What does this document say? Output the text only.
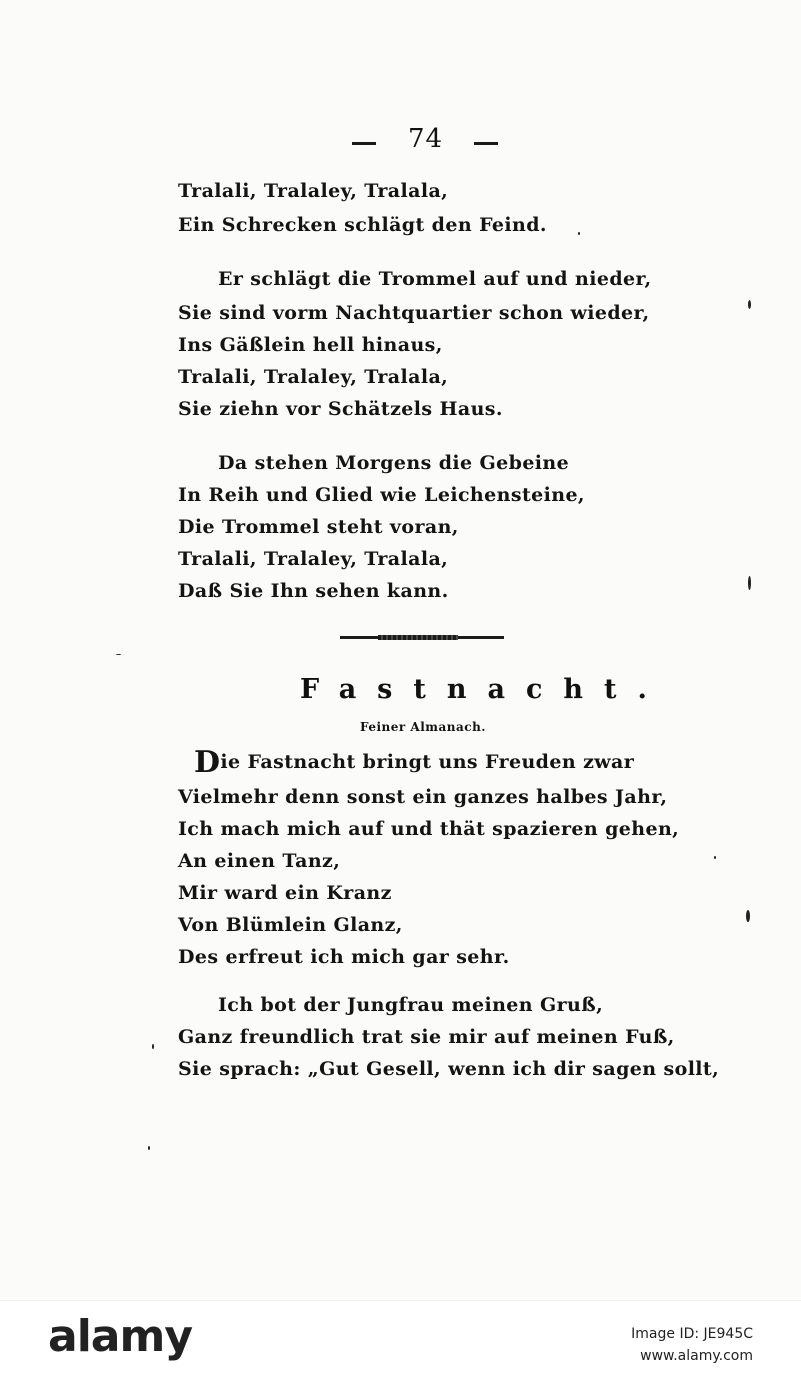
74
Tralali, Tralaley, Tralala,
Ein Schrecken schlägt den Feind.
Er schlägt die Trommel auf und nieder,
Sie sind vorm Nachtquartier schon wieder,
Ins Gäßlein hell hinaus,
Tralali, Tralaley, Tralala,
Sie ziehn vor Schätzels Haus.
Da stehen Morgens die Gebeine
In Reih und Glied wie Leichensteine,
Die Trommel steht voran,
Tralali, Tralaley, Tralala,
Daß Sie Ihn sehen kann.
Fastnacht.
Feiner Almanach.
Die Fastnacht bringt uns Freuden zwar
Vielmehr denn sonst ein ganzes halbes Jahr,
Ich mach mich auf und thät spazieren gehen,
An einen Tanz,
Mir ward ein Kranz
Von Blümlein Glanz,
Des erfreut ich mich gar sehr.
Ich bot der Jungfrau meinen Gruß,
Ganz freundlich trat sie mir auf meinen Fuß,
Sie sprach: „Gut Gesell, wenn ich dir sagen sollt,
alamy	Image ID: JE945C
www.alamy.com
